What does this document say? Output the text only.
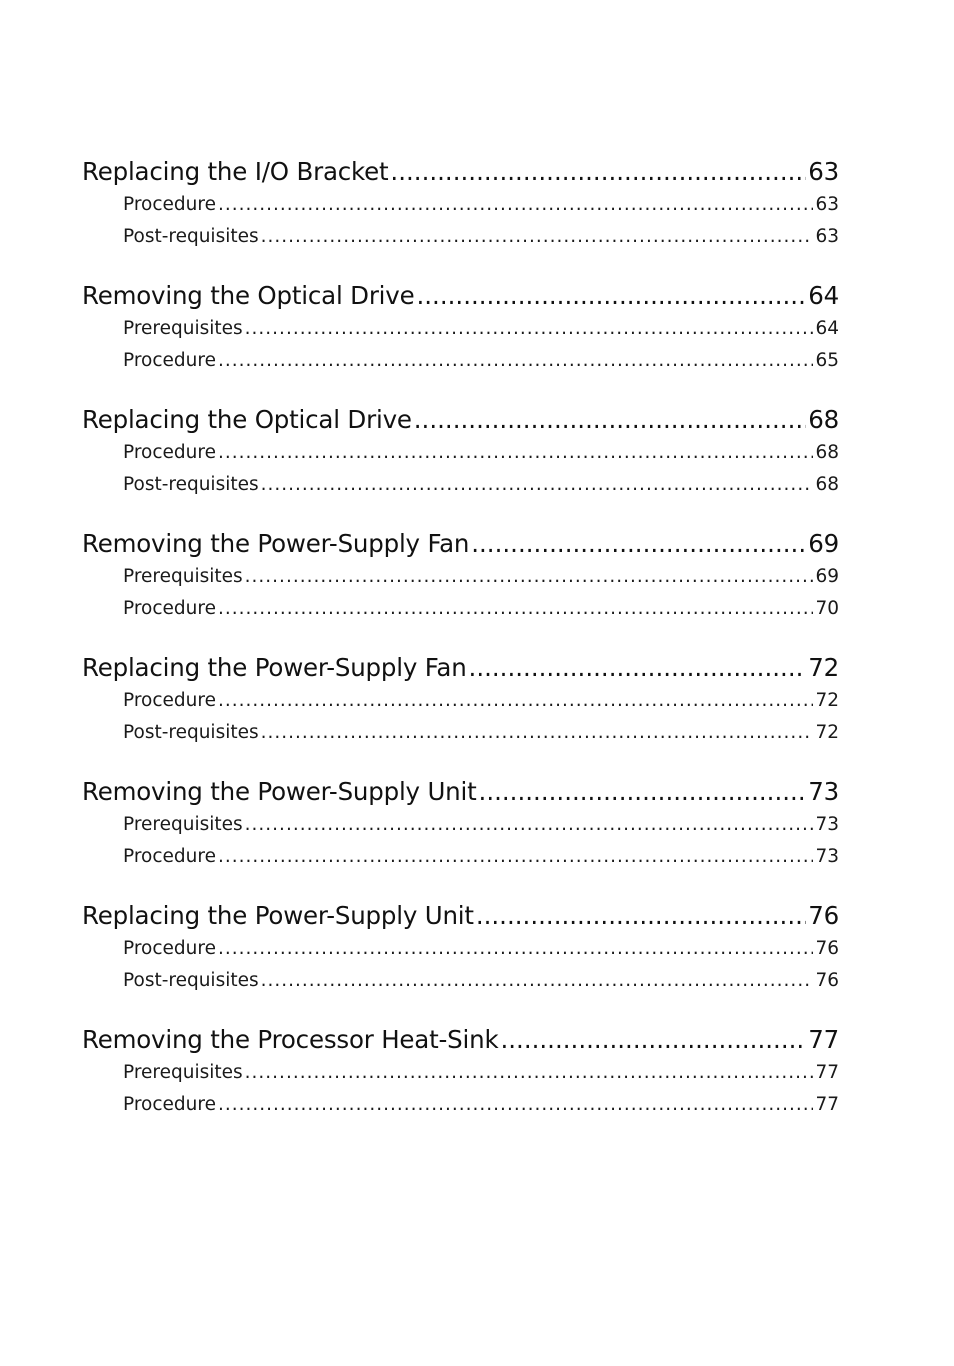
Replacing the I/O Bracket .....	63
Procedure .....	63
Post-requisites .....	63
Removing the Optical Drive .....	64
Prerequisites .....	64
Procedure .....	65
Replacing the Optical Drive .....	68
Procedure .....	68
Post-requisites .....	68
Removing the Power-Supply Fan .....	69
Prerequisites .....	69
Procedure .....	70
Replacing the Power-Supply Fan .....	72
Procedure .....	72
Post-requisites .....	72
Removing the Power-Supply Unit .....	73
Prerequisites .....	73
Procedure .....	73
Replacing the Power-Supply Unit .....	76
Procedure .....	76
Post-requisites .....	76
Removing the Processor Heat-Sink .....	77
Prerequisites .....	77
Procedure .....	77
